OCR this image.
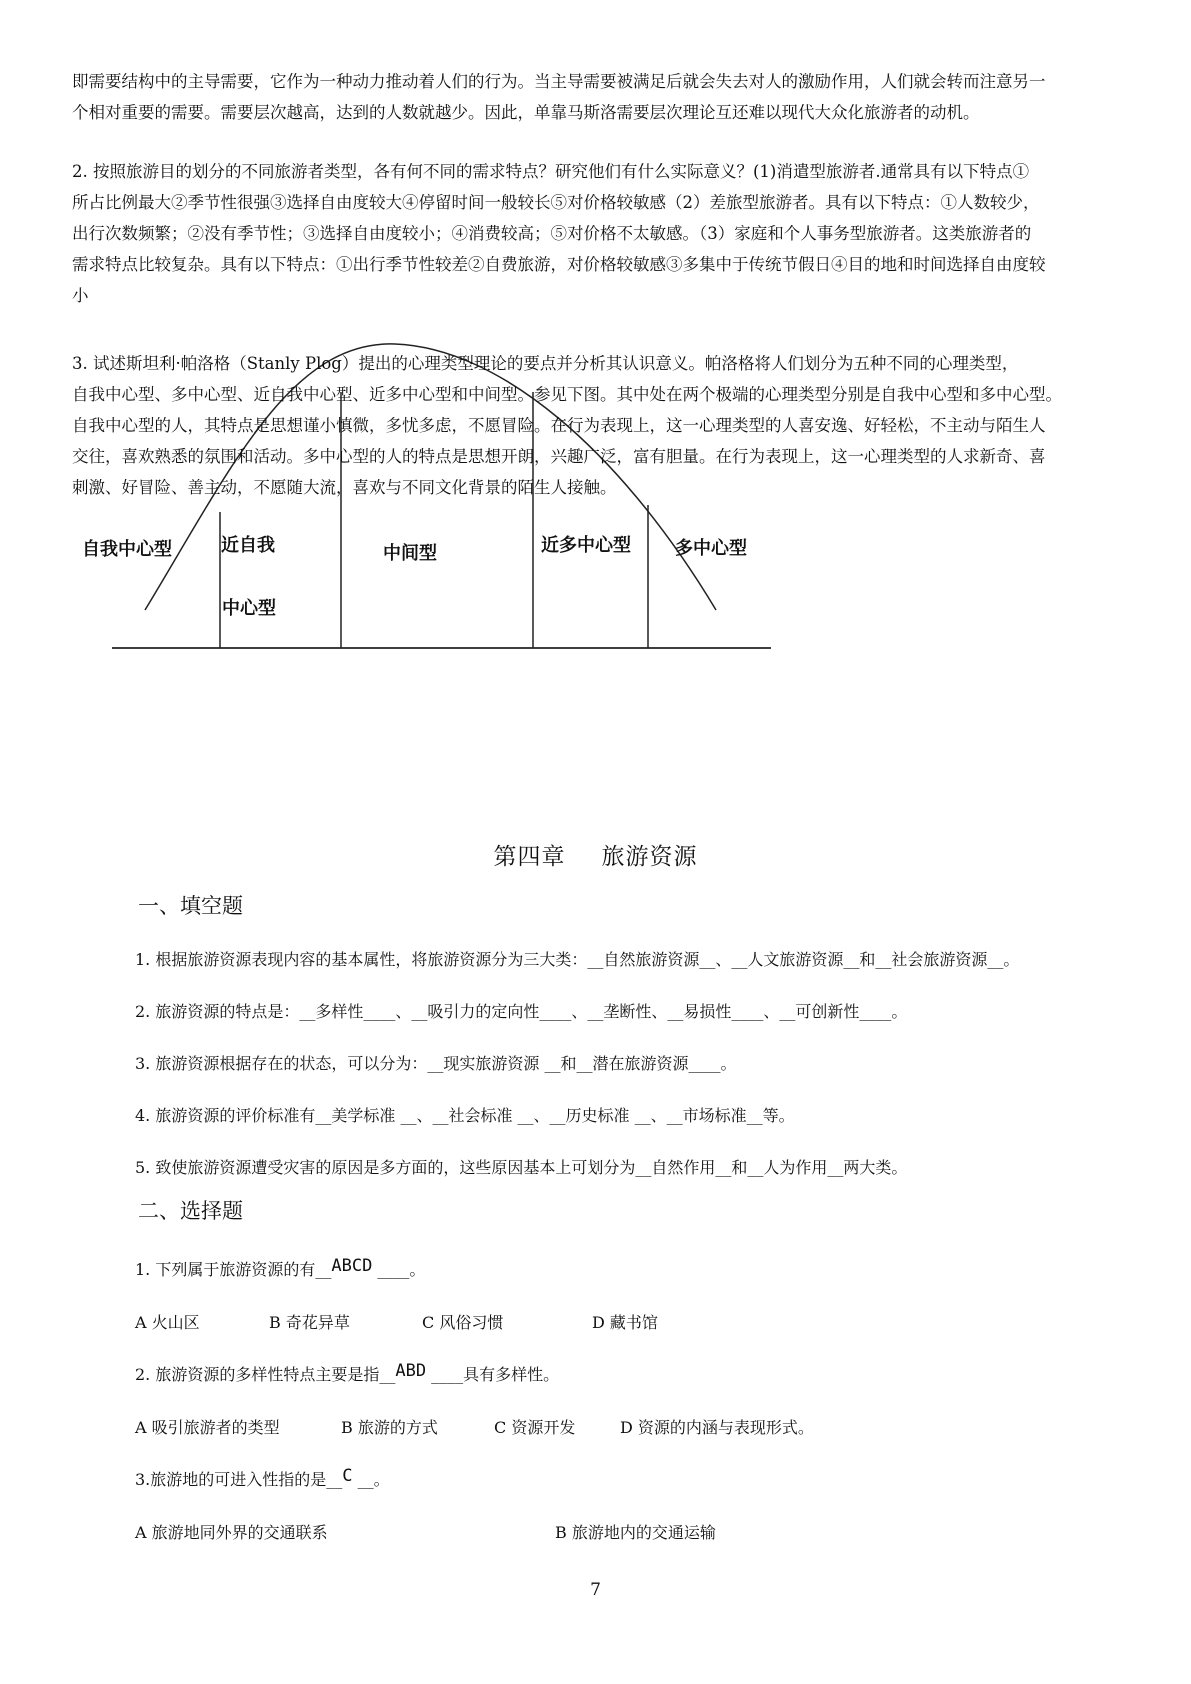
即需要结构中的主导需要，它作为一种动力推动着人们的行为。当主导需要被满足后就会失去对人的激励作用，人们就会转而注意另一
个相对重要的需要。需要层次越高，达到的人数就越少。因此，单靠马斯洛需要层次理论互还难以现代大众化旅游者的动机。
2. 按照旅游目的划分的不同旅游者类型，各有何不同的需求特点？研究他们有什么实际意义？(1)消遣型旅游者.通常具有以下特点①
所占比例最大②季节性很强③选择自由度较大④停留时间一般较长⑤对价格较敏感（2）差旅型旅游者。具有以下特点：①人数较少，
出行次数频繁；②没有季节性；③选择自由度较小；④消费较高；⑤对价格不太敏感。（3）家庭和个人事务型旅游者。这类旅游者的
需求特点比较复杂。具有以下特点：①出行季节性较差②自费旅游，对价格较敏感③多集中于传统节假日④目的地和时间选择自由度较
小
自我中心型	近自我
中心型
中间型	近多中心型 多中心型
3. 试述斯坦利·帕洛格（Stanly Plog）提出的心理类型理论的要点并分析其认识意义。帕洛格将人们划分为五种不同的心理类型，
自我中心型、多中心型、近自我中心型、近多中心型和中间型。参见下图。其中处在两个极端的心理类型分别是自我中心型和多中心型。
自我中心型的人，其特点是思想谨小慎微，多忧多虑，不愿冒险。在行为表现上，这一心理类型的人喜安逸、好轻松，不主动与陌生人
交往，喜欢熟悉的氛围和活动。多中心型的人的特点是思想开朗，兴趣广泛，富有胆量。在行为表现上，这一心理类型的人求新奇、喜
刺激、好冒险、善主动，不愿随大流，喜欢与不同文化背景的陌生人接触。
第四章 旅游资源
一、填空题
1. 根据旅游资源表现内容的基本属性，将旅游资源分为三大类：__自然旅游资源__、__人文旅游资源__和__社会旅游资源__。
2. 旅游资源的特点是：__多样性____、__吸引力的定向性____、__垄断性、__易损性____、__可创新性____。
3. 旅游资源根据存在的状态，可以分为：__现实旅游资源 __和__潜在旅游资源____。
4. 旅游资源的评价标准有__美学标准 __、__社会标准 __、__历史标准 __、__市场标准__等。
5. 致使旅游资源遭受灾害的原因是多方面的，这些原因基本上可划分为__自然作用__和__人为作用__两大类。
二、选择题
1. 下列属于旅游资源的有__ABCD ____。
A 火山区	B 奇花异草	C 风俗习惯	D 藏书馆
2. 旅游资源的多样性特点主要是指__ABD ____具有多样性。
A 吸引旅游者的类型	B 旅游的方式	C 资源开发	D 资源的内涵与表现形式。
3.旅游地的可进入性指的是__C __。
A 旅游地同外界的交通联系	B 旅游地内的交通运输
7
